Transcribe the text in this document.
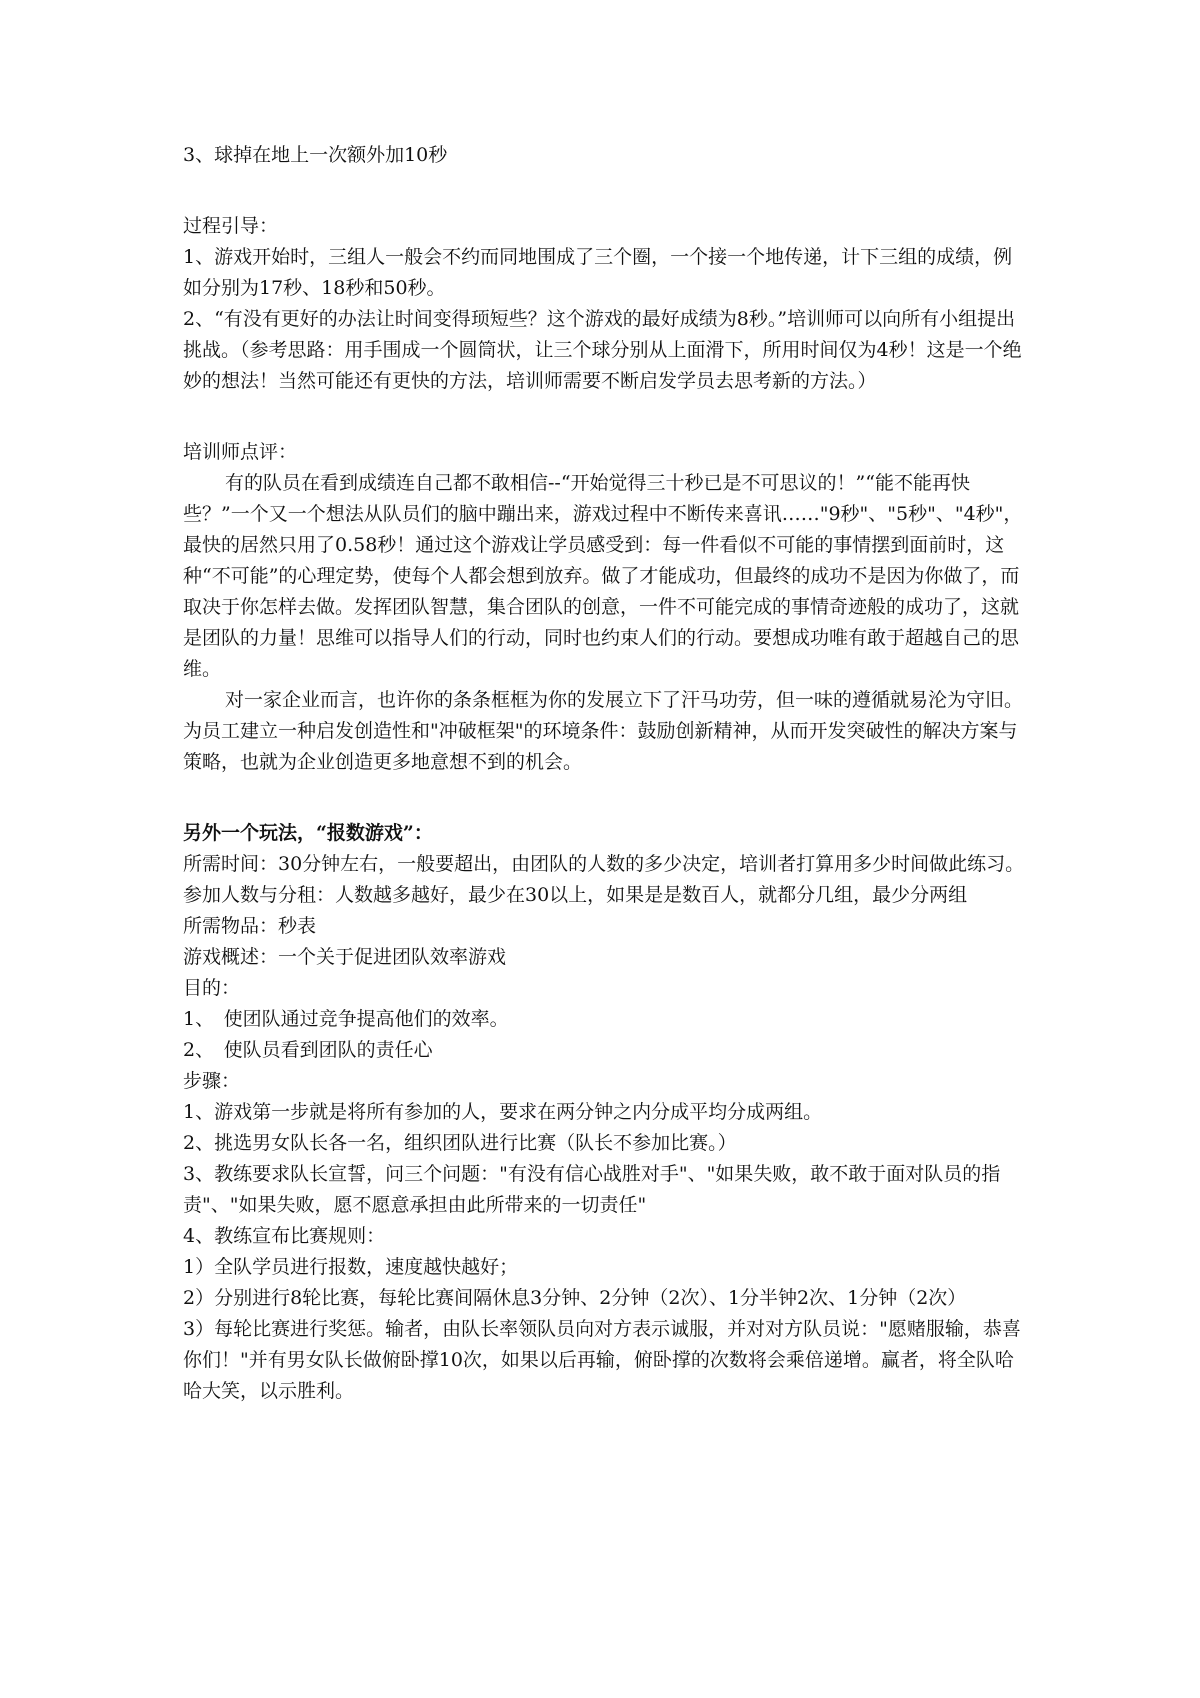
3、球掉在地上一次额外加10秒

过程引导：

1、游戏开始时，三组人一般会不约而同地围成了三个圈，一个接一个地传递，计下三组的成绩，例如分别为17秒、18秒和50秒。

2、“有没有更好的办法让时间变得顼短些？这个游戏的最好成绩为8秒。”培训师可以向所有小组提出挑战。（参考思路：用手围成一个圆筒状，让三个球分别从上面滑下，所用时间仅为4秒！这是一个绝妙的想法！当然可能还有更快的方法，培训师需要不断启发学员去思考新的方法。）

培训师点评：

有的队员在看到成绩连自己都不敢相信--“开始觉得三十秒已是不可思议的！”“能不能再快些？”一个又一个想法从队员们的脑中蹦出来，游戏过程中不断传来喜讯……"9秒"、"5秒"、"4秒"，最快的居然只用了0.58秒！通过这个游戏让学员感受到：每一件看似不可能的事情摆到面前时，这种“不可能”的心理定势，使每个人都会想到放弃。做了才能成功，但最终的成功不是因为你做了，而取决于你怎样去做。发挥团队智慧，集合团队的创意，一件不可能完成的事情奇迹般的成功了，这就是团队的力量！思维可以指导人们的行动，同时也约束人们的行动。要想成功唯有敢于超越自己的思维。

对一家企业而言，也许你的条条框框为你的发展立下了汗马功劳，但一味的遵循就易沦为守旧。为员工建立一种启发创造性和"冲破框架"的环境条件：鼓励创新精神，从而开发突破性的解决方案与策略，也就为企业创造更多地意想不到的机会。

另外一个玩法，“报数游戏”：

所需时间：30分钟左右，一般要超出，由团队的人数的多少决定，培训者打算用多少时间做此练习。

参加人数与分租：人数越多越好，最少在30以上，如果是是数百人，就都分几组，最少分两组

所需物品：秒表

游戏概述：一个关于促进团队效率游戏

目的：

1、　使团队通过竞争提高他们的效率。

2、　使队员看到团队的责任心

步骤：

1、游戏第一步就是将所有参加的人，要求在两分钟之内分成平均分成两组。

2、挑选男女队长各一名，组织团队进行比赛（队长不参加比赛。）

3、教练要求队长宣誓，问三个问题："有没有信心战胜对手"、"如果失败，敢不敢于面对队员的指责"、"如果失败，愿不愿意承担由此所带来的一切责任"

4、教练宣布比赛规则：

1）全队学员进行报数，速度越快越好；

2）分别进行8轮比赛，每轮比赛间隔休息3分钟、2分钟（2次）、1分半钟2次、1分钟（2次）

3）每轮比赛进行奖惩。输者，由队长率领队员向对方表示诚服，并对对方队员说："愿赌服输，恭喜你们！"并有男女队长做俯卧撑10次，如果以后再输，俯卧撑的次数将会乘倍递增。赢者，将全队哈哈大笑，以示胜利。
